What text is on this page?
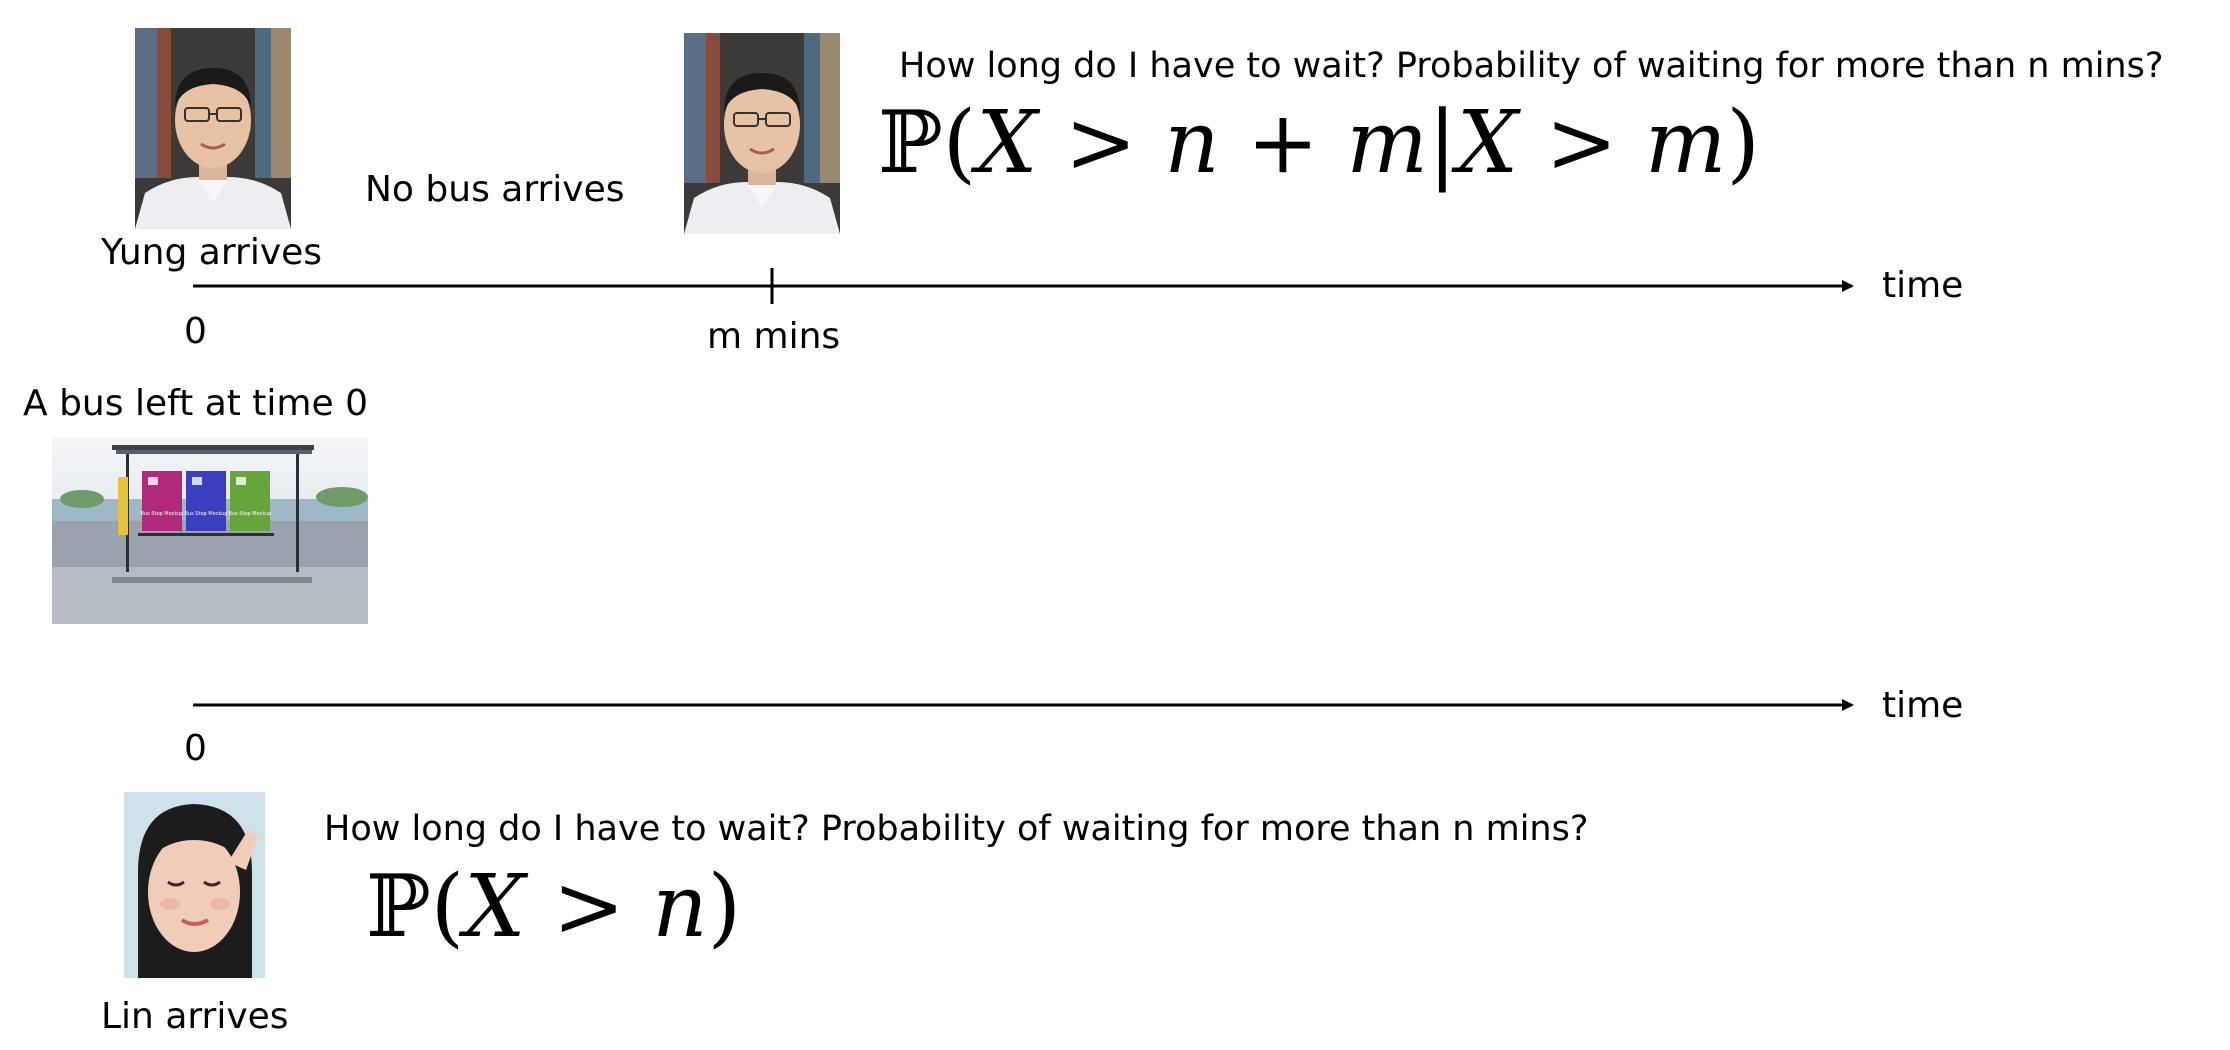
Yung arrives
No bus arrives
How long do I have to wait? Probability of waiting for more than n mins?
ℙ(X > n + m|X > m)
0	m mins
time
A bus left at time 0
Bus Stop Mockup Bus Stop Mockup Bus Stop Mockup
0
time
Lin arrives
How long do I have to wait? Probability of waiting for more than n mins?
ℙ(X > n)
